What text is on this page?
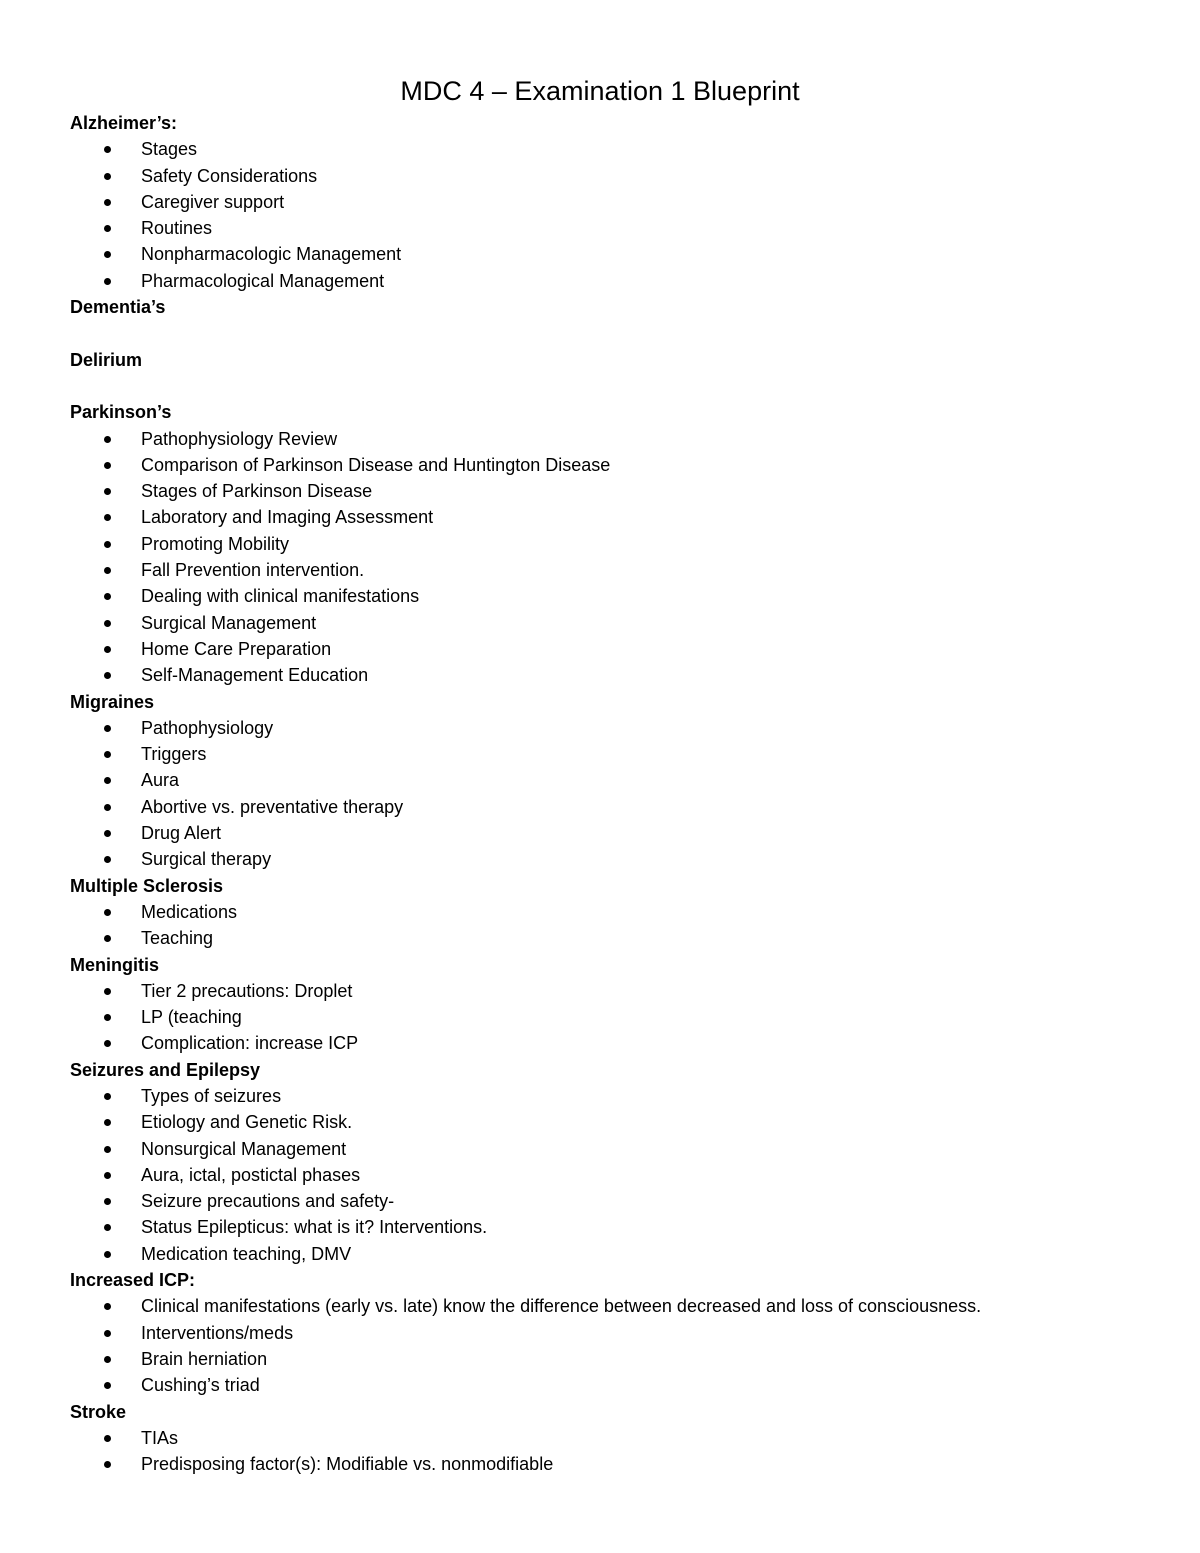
MDC 4 – Examination 1 Blueprint
Alzheimer’s:
Stages
Safety Considerations
Caregiver support
Routines
Nonpharmacologic Management
Pharmacological Management
Dementia’s
Delirium
Parkinson’s
Pathophysiology Review
Comparison of Parkinson Disease and Huntington Disease
Stages of Parkinson Disease
Laboratory and Imaging Assessment
Promoting Mobility
Fall Prevention intervention.
Dealing with clinical manifestations
Surgical Management
Home Care Preparation
Self-Management Education
Migraines
Pathophysiology
Triggers
Aura
Abortive vs. preventative therapy
Drug Alert
Surgical therapy
Multiple Sclerosis
Medications
Teaching
Meningitis
Tier 2 precautions: Droplet
LP (teaching
Complication: increase ICP
Seizures and Epilepsy
Types of seizures
Etiology and Genetic Risk.
Nonsurgical Management
Aura, ictal, postictal phases
Seizure precautions and safety-
Status Epilepticus: what is it? Interventions.
Medication teaching, DMV
Increased ICP:
Clinical manifestations (early vs. late) know the difference between decreased and loss of consciousness.
Interventions/meds
Brain herniation
Cushing’s triad
Stroke
TIAs
Predisposing factor(s): Modifiable vs. nonmodifiable
